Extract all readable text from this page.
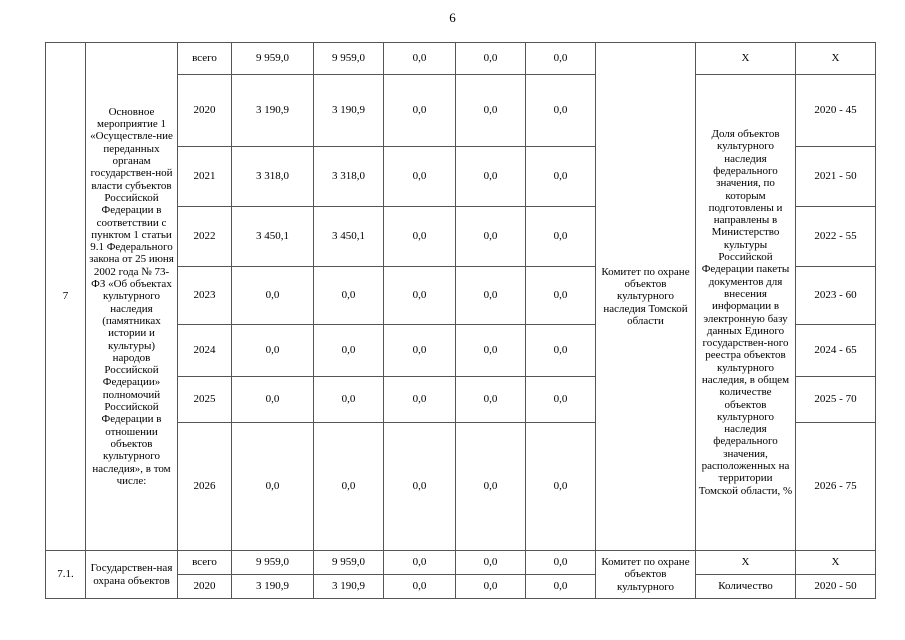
6
7	Основное мероприятие 1 «Осуществле-ние переданных органам государствен-ной власти субъектов Российской Федерации в соответствии с пунктом 1 статьи 9.1 Федерального закона от 25 июня 2002 года № 73-ФЗ «Об объектах культурного наследия (памятниках истории и культуры) народов Российской Федерации» полномочий Российской Федерации в отношении объектов культурного наследия», в том числе:	всего	9 959,0	9 959,0	0,0	0,0	0,0	Комитет по охране объектов культурного наследия Томской области	Х	Х
		2020	3 190,9	3 190,9	0,0	0,0	0,0		Доля объектов культурного наследия федерального значения, по которым подготовлены и направлены в Министерство культуры Российской Федерации пакеты документов для внесения информации в электронную базу данных Единого государствен-ного реестра объектов культурного наследия, в общем количестве объектов культурного наследия федерального значения, расположенных на территории Томской области, %	2020 - 45
		2021	3 318,0	3 318,0	0,0	0,0	0,0			2021 - 50
		2022	3 450,1	3 450,1	0,0	0,0	0,0			2022 - 55
		2023	0,0	0,0	0,0	0,0	0,0			2023 - 60
		2024	0,0	0,0	0,0	0,0	0,0			2024 - 65
		2025	0,0	0,0	0,0	0,0	0,0			2025 - 70
		2026	0,0	0,0	0,0	0,0	0,0			2026 - 75
7.1.	Государствен-ная охрана объектов	всего	9 959,0	9 959,0	0,0	0,0	0,0	Комитет по охране объектов культурного	Х	Х
		2020	3 190,9	3 190,9	0,0	0,0	0,0		Количество	2020 - 50
